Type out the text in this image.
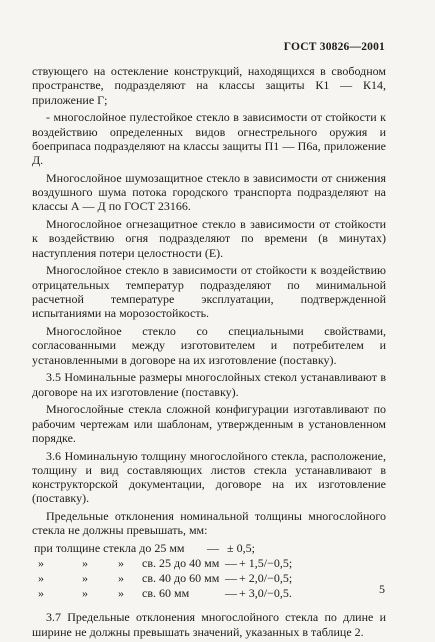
ГОСТ 30826—2001

ствующего на остекление конструкций, находящихся в свободном пространстве, подразделяют на классы защиты К1 — К14, приложение Г;

- многослойное пулестойкое стекло в зависимости от стойкости к воздействию определенных видов огнестрельного оружия и боеприпаса подразделяют на классы защиты П1 — П6а, приложение Д.

Многослойное шумозащитное стекло в зависимости от снижения воздушного шума потока городского транспорта подразделяют на классы А — Д по ГОСТ 23166.

Многослойное огнезащитное стекло в зависимости от стойкости к воздействию огня подразделяют по времени (в минутах) наступления потери целостности (Е).

Многослойное стекло в зависимости от стойкости к воздействию отрицательных температур подразделяют по минимальной расчетной температуре эксплуатации, подтвержденной испытаниями на морозостойкость.

Многослойное стекло со специальными свойствами, согласованными между изготовителем и потребителем и установленными в договоре на их изготовление (поставку).

3.5 Номинальные размеры многослойных стекол устанавливают в договоре на их изготовление (поставку).

Многослойные стекла сложной конфигурации изготавливают по рабочим чертежам или шаблонам, утвержденным в установленном порядке.

3.6 Номинальную толщину многослойного стекла, расположение, толщину и вид составляющих листов стекла устанавливают в конструкторской документации, договоре на их изготовление (поставку).

Предельные отклонения номинальной толщины многослойного стекла не должны превышать, мм:

при толщине стекла до 25 мм	— ± 0,5;
»	»	»	св. 25 до 40 мм — + 1,5/−0,5;
»	»	»	св. 40 до 60 мм — + 2,0/−0,5;
»	»	»	св. 60 мм	— + 3,0/−0,5.

3.7 Предельные отклонения многослойного стекла по длине и ширине не должны превышать значений, указанных в таблице 2.

5
